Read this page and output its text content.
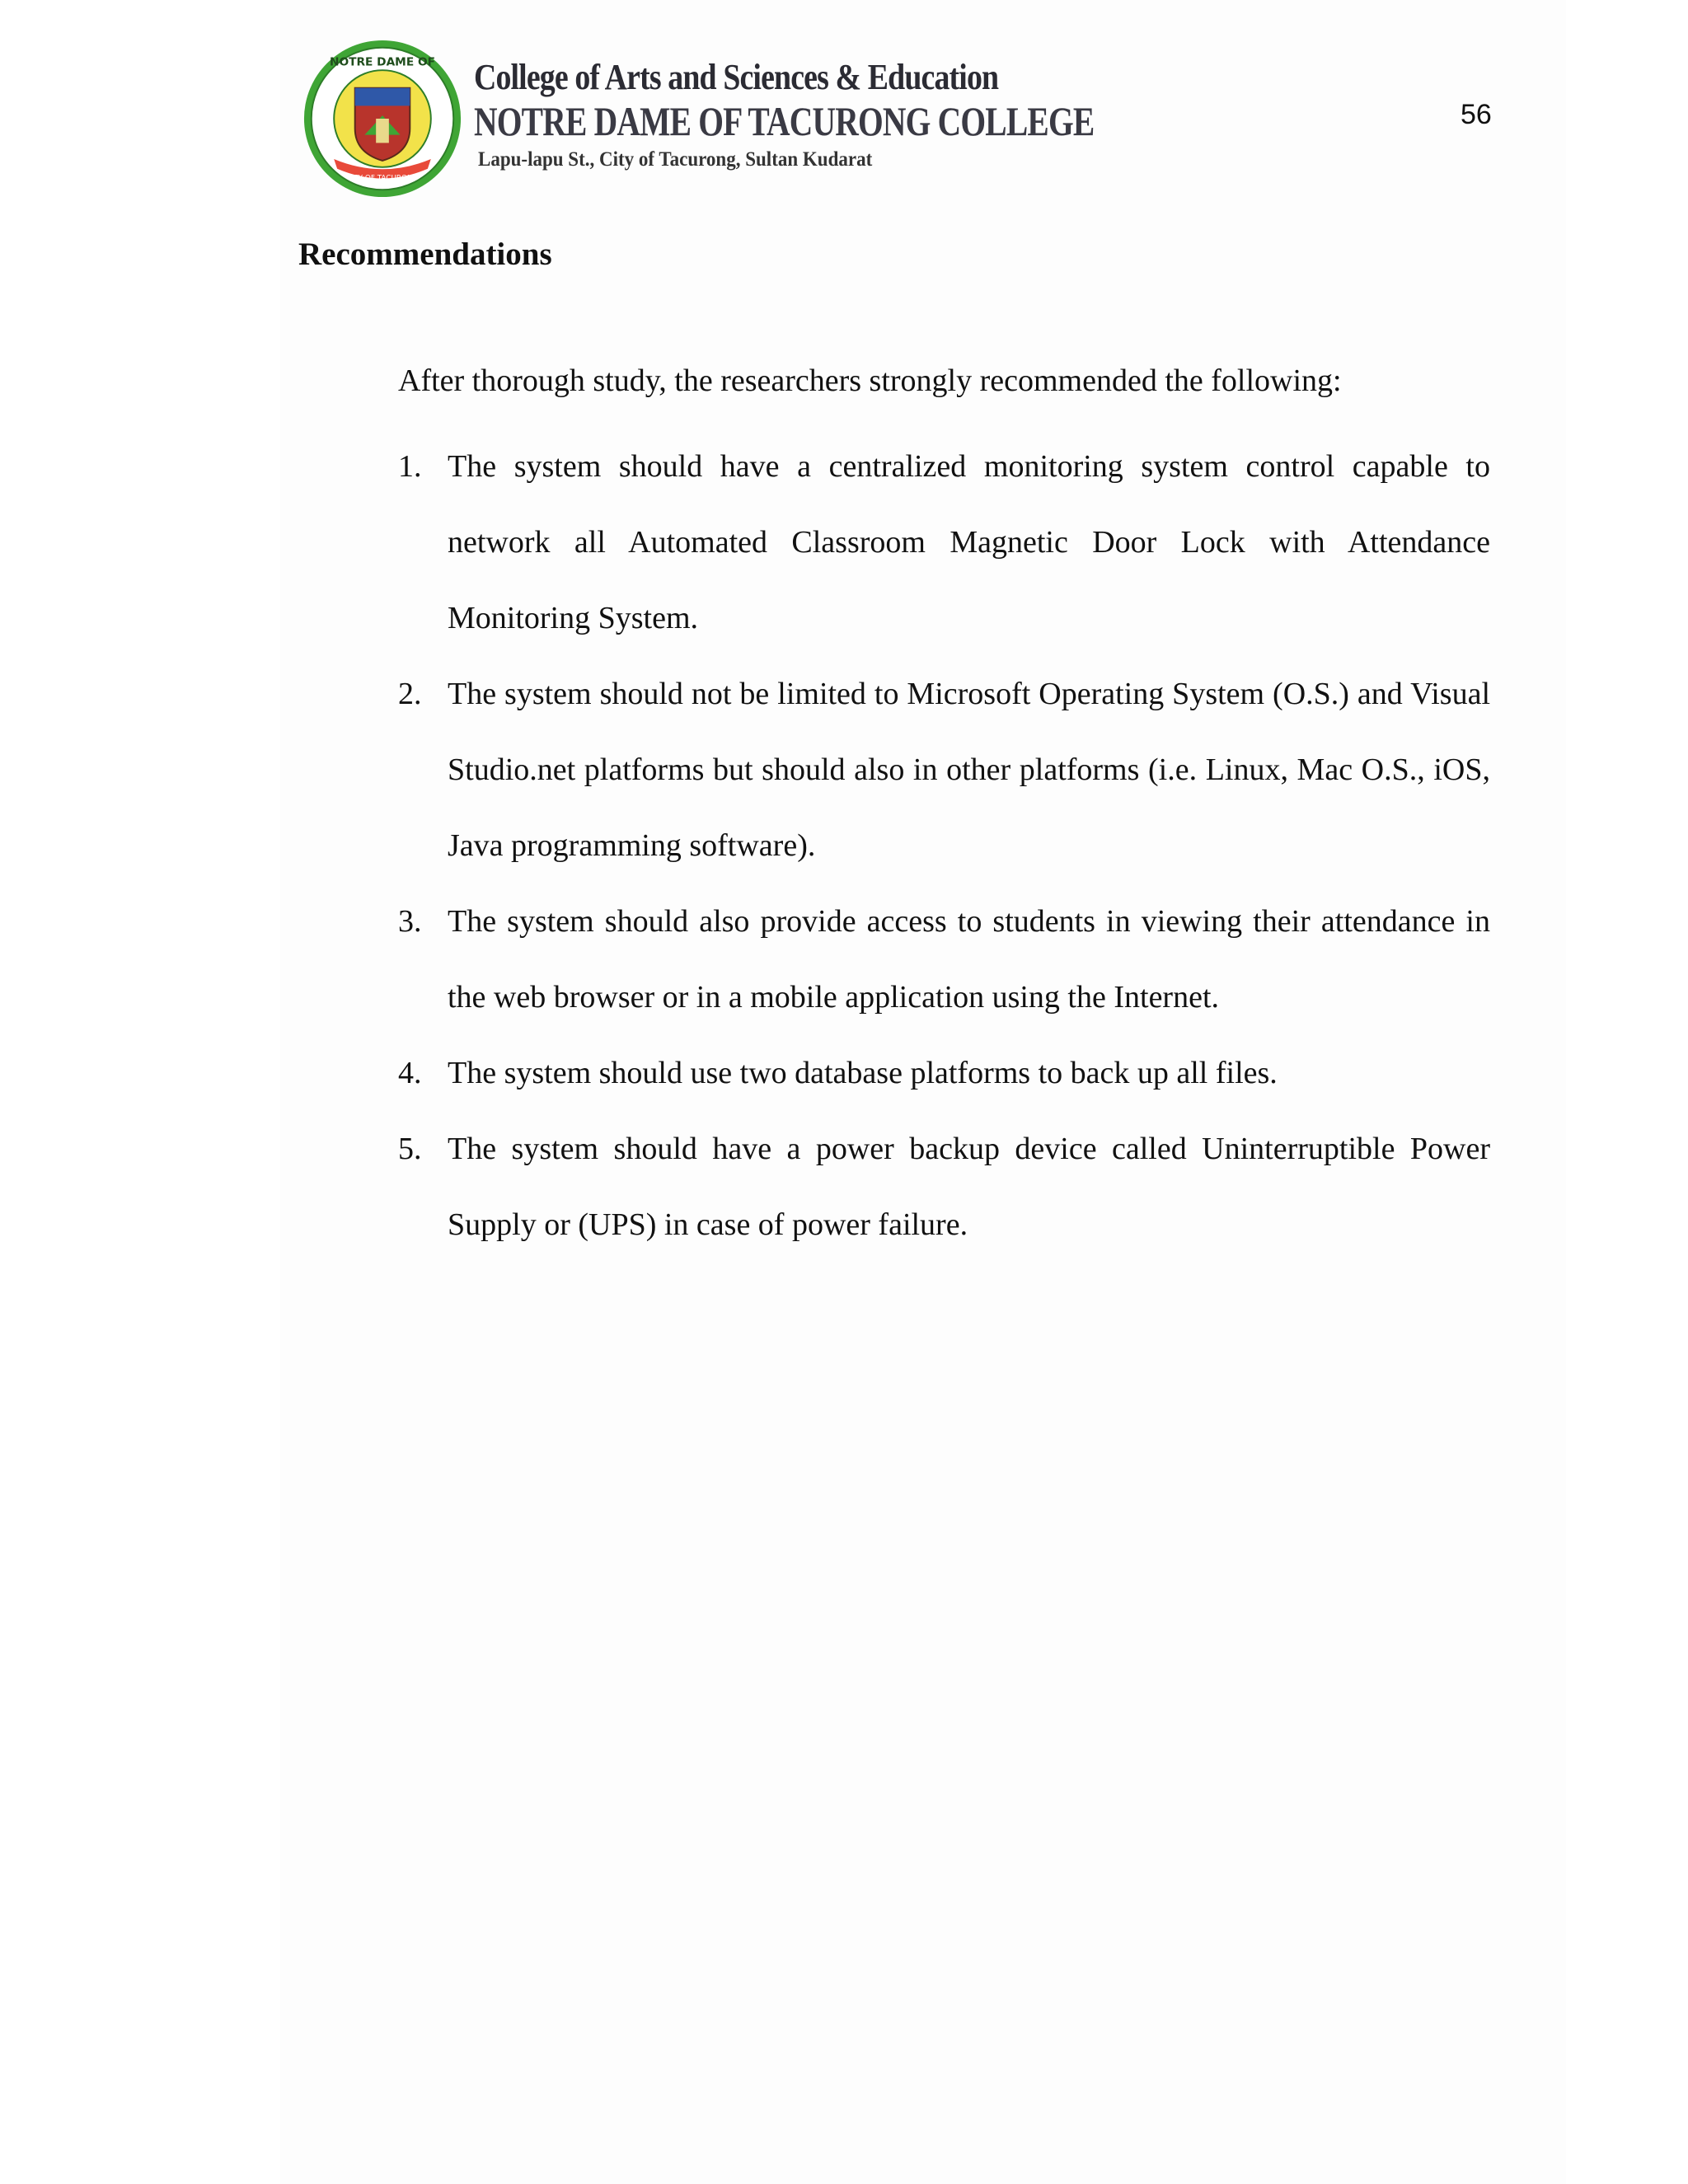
NOTRE DAME OF
CITY OF TACURONG
College of Arts and Sciences & Education
NOTRE DAME OF TACURONG COLLEGE
Lapu-lapu St., City of Tacurong, Sultan Kudarat
56
Recommendations
After thorough study, the researchers strongly recommended the following:
1. The system should have a centralized monitoring system control capable to network all Automated Classroom Magnetic Door Lock with Attendance Monitoring System.
2. The system should not be limited to Microsoft Operating System (O.S.) and Visual Studio.net platforms but should also in other platforms (i.e. Linux, Mac O.S., iOS, Java programming software).
3. The system should also provide access to students in viewing their attendance in the web browser or in a mobile application using the Internet.
4. The system should use two database platforms to back up all files.
5. The system should have a power backup device called Uninterruptible Power Supply or (UPS) in case of power failure.
